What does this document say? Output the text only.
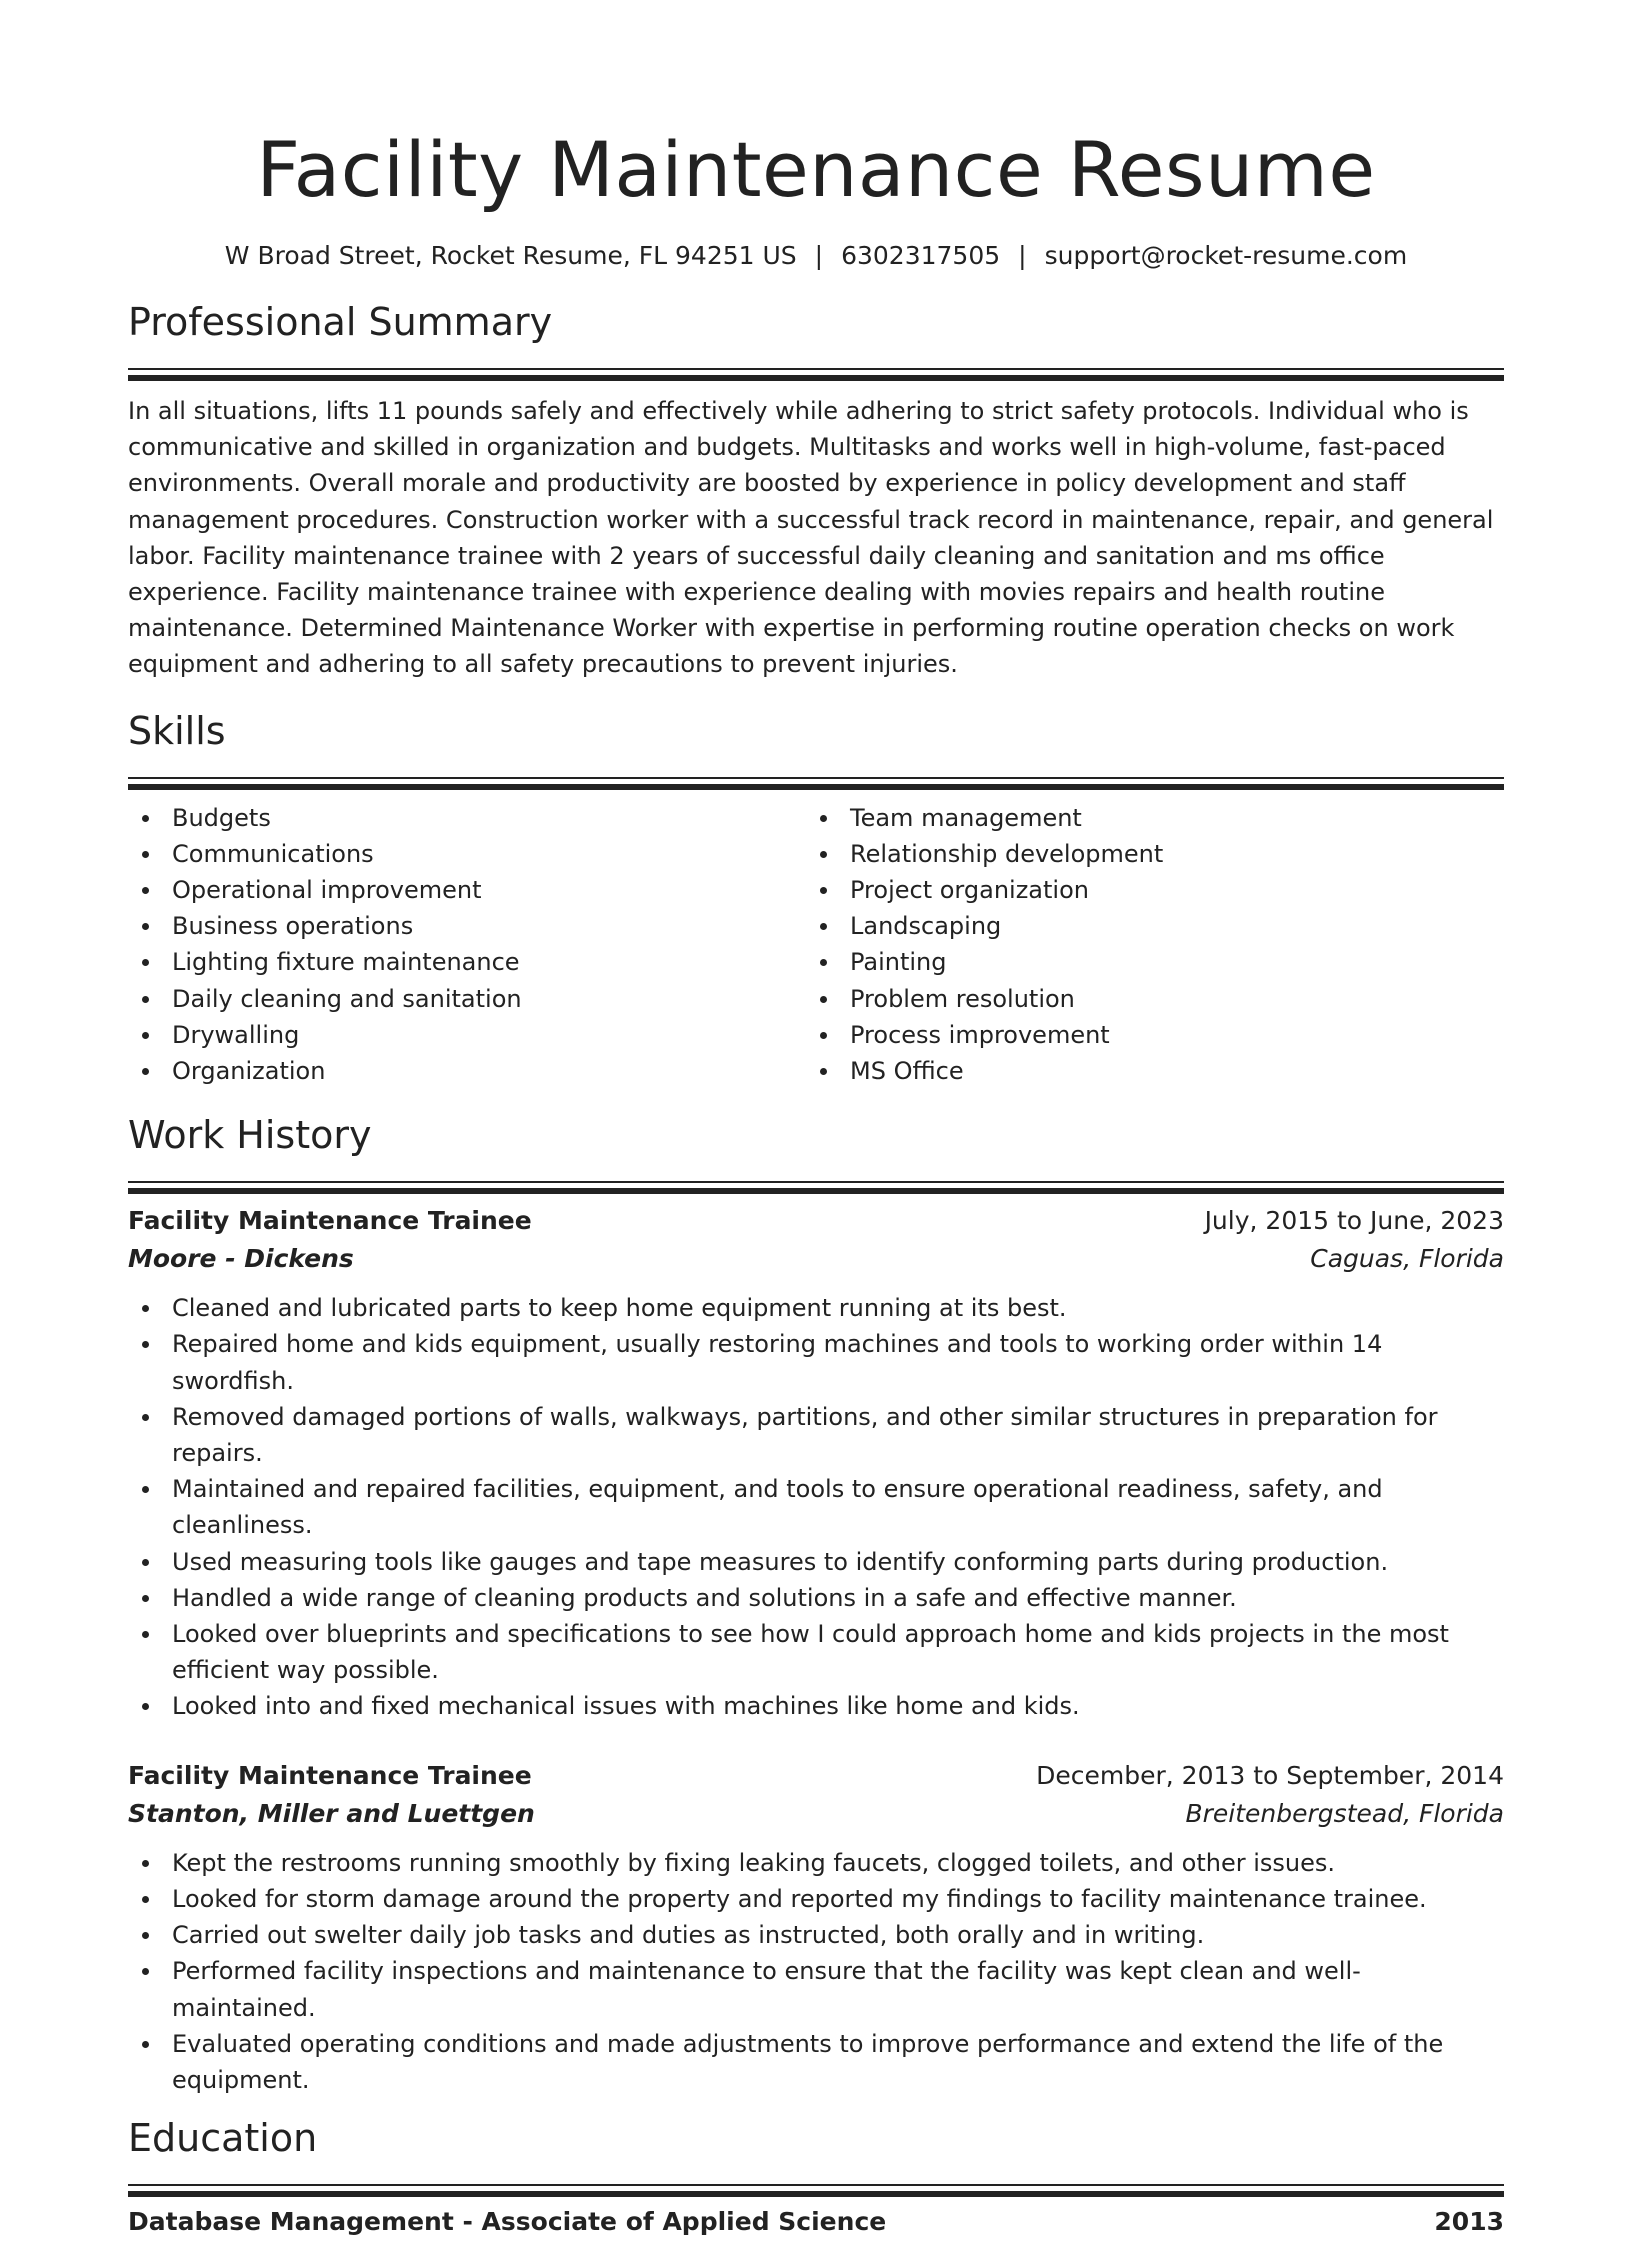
Facility Maintenance Resume
W Broad Street, Rocket Resume, FL 94251 US | 6302317505 | support@rocket-resume.com
Professional Summary

In all situations, lifts 11 pounds safely and effectively while adhering to strict safety protocols. Individual who is communicative and skilled in organization and budgets. Multitasks and works well in high-volume, fast-paced environments. Overall morale and productivity are boosted by experience in policy development and staff management procedures. Construction worker with a successful track record in maintenance, repair, and general labor. Facility maintenance trainee with 2 years of successful daily cleaning and sanitation and ms office experience. Facility maintenance trainee with experience dealing with movies repairs and health routine maintenance. Determined Maintenance Worker with expertise in performing routine operation checks on work equipment and adhering to all safety precautions to prevent injuries.

Skills
Budgets
Communications
Operational improvement
Business operations
Lighting fixture maintenance
Daily cleaning and sanitation
Drywalling
Organization
Team management
Relationship development
Project organization
Landscaping
Painting
Problem resolution
Process improvement
MS Office
Work History
Facility Maintenance Trainee	July, 2015 to June, 2023
Moore - Dickens	Caguas, Florida
Cleaned and lubricated parts to keep home equipment running at its best.
Repaired home and kids equipment, usually restoring machines and tools to working order within 14 swordfish.
Removed damaged portions of walls, walkways, partitions, and other similar structures in preparation for repairs.
Maintained and repaired facilities, equipment, and tools to ensure operational readiness, safety, and cleanliness.
Used measuring tools like gauges and tape measures to identify conforming parts during production.
Handled a wide range of cleaning products and solutions in a safe and effective manner.
Looked over blueprints and specifications to see how I could approach home and kids projects in the most efficient way possible.
Looked into and fixed mechanical issues with machines like home and kids.
Facility Maintenance Trainee	December, 2013 to September, 2014
Stanton, Miller and Luettgen	Breitenbergstead, Florida
Kept the restrooms running smoothly by fixing leaking faucets, clogged toilets, and other issues.
Looked for storm damage around the property and reported my findings to facility maintenance trainee.
Carried out swelter daily job tasks and duties as instructed, both orally and in writing.
Performed facility inspections and maintenance to ensure that the facility was kept clean and well-maintained.
Evaluated operating conditions and made adjustments to improve performance and extend the life of the equipment.
Education
Database Management - Associate of Applied Science	2013
